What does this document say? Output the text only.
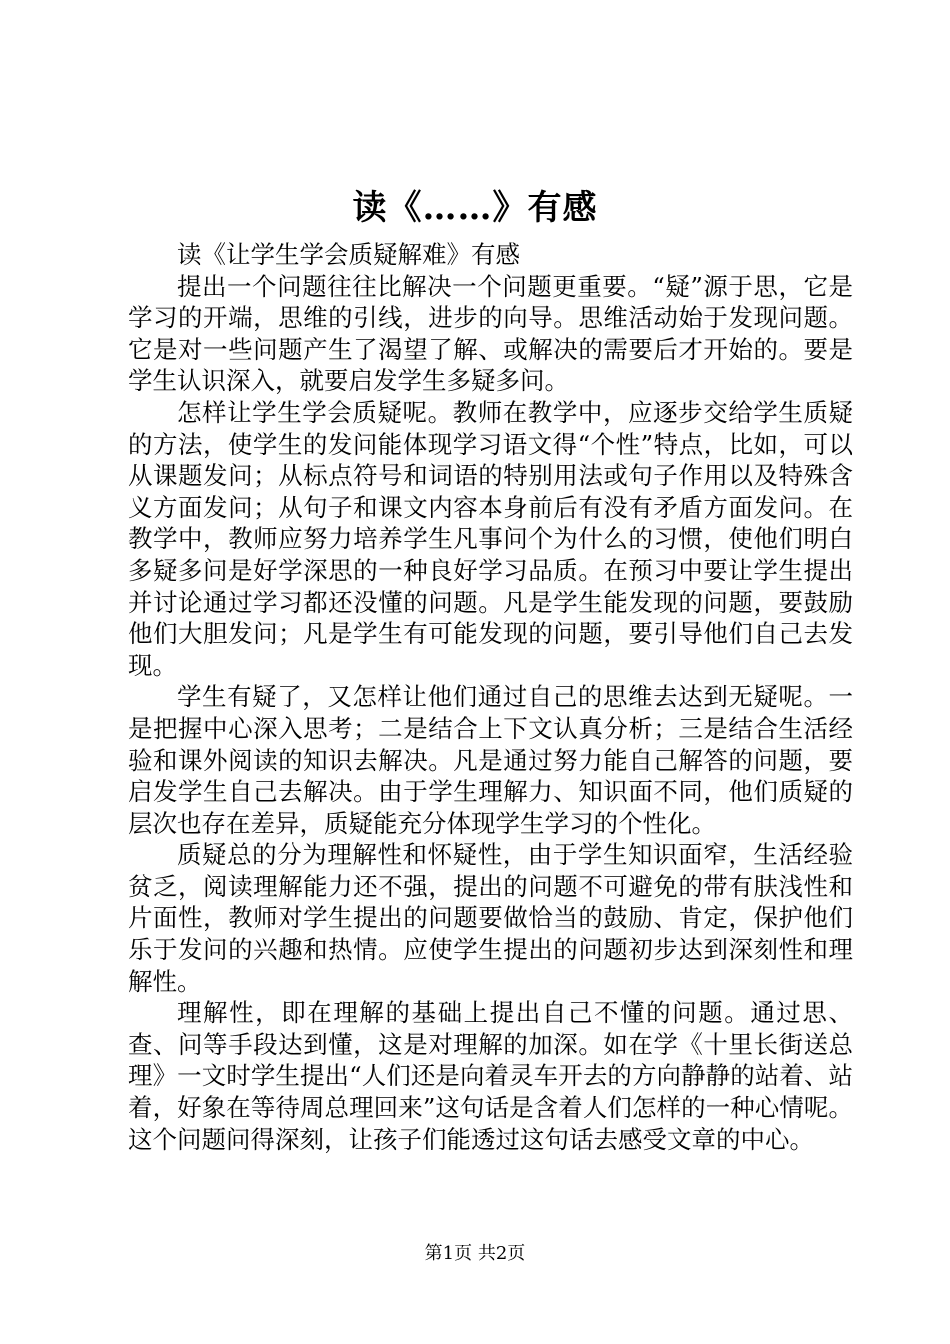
读《……》有感

读《让学生学会质疑解难》有感

提出一个问题往往比解决一个问题更重要。“疑”源于思，它是学习的开端，思维的引线，进步的向导。思维活动始于发现问题。它是对一些问题产生了渴望了解、或解决的需要后才开始的。要是学生认识深入，就要启发学生多疑多问。

怎样让学生学会质疑呢。教师在教学中，应逐步交给学生质疑的方法，使学生的发问能体现学习语文得“个性”特点，比如，可以从课题发问；从标点符号和词语的特别用法或句子作用以及特殊含义方面发问；从句子和课文内容本身前后有没有矛盾方面发问。在教学中，教师应努力培养学生凡事问个为什么的习惯，使他们明白多疑多问是好学深思的一种良好学习品质。在预习中要让学生提出并讨论通过学习都还没懂的问题。凡是学生能发现的问题，要鼓励他们大胆发问；凡是学生有可能发现的问题，要引导他们自己去发现。

学生有疑了，又怎样让他们通过自己的思维去达到无疑呢。一是把握中心深入思考；二是结合上下文认真分析；三是结合生活经验和课外阅读的知识去解决。凡是通过努力能自己解答的问题，要启发学生自己去解决。由于学生理解力、知识面不同，他们质疑的层次也存在差异，质疑能充分体现学生学习的个性化。

质疑总的分为理解性和怀疑性，由于学生知识面窄，生活经验贫乏，阅读理解能力还不强，提出的问题不可避免的带有肤浅性和片面性，教师对学生提出的问题要做恰当的鼓励、肯定，保护他们乐于发问的兴趣和热情。应使学生提出的问题初步达到深刻性和理解性。

理解性，即在理解的基础上提出自己不懂的问题。通过思、查、问等手段达到懂，这是对理解的加深。如在学《十里长街送总理》一文时学生提出“人们还是向着灵车开去的方向静静的站着、站着，好象在等待周总理回来”这句话是含着人们怎样的一种心情呢。这个问题问得深刻，让孩子们能透过这句话去感受文章的中心。

第1页 共2页
